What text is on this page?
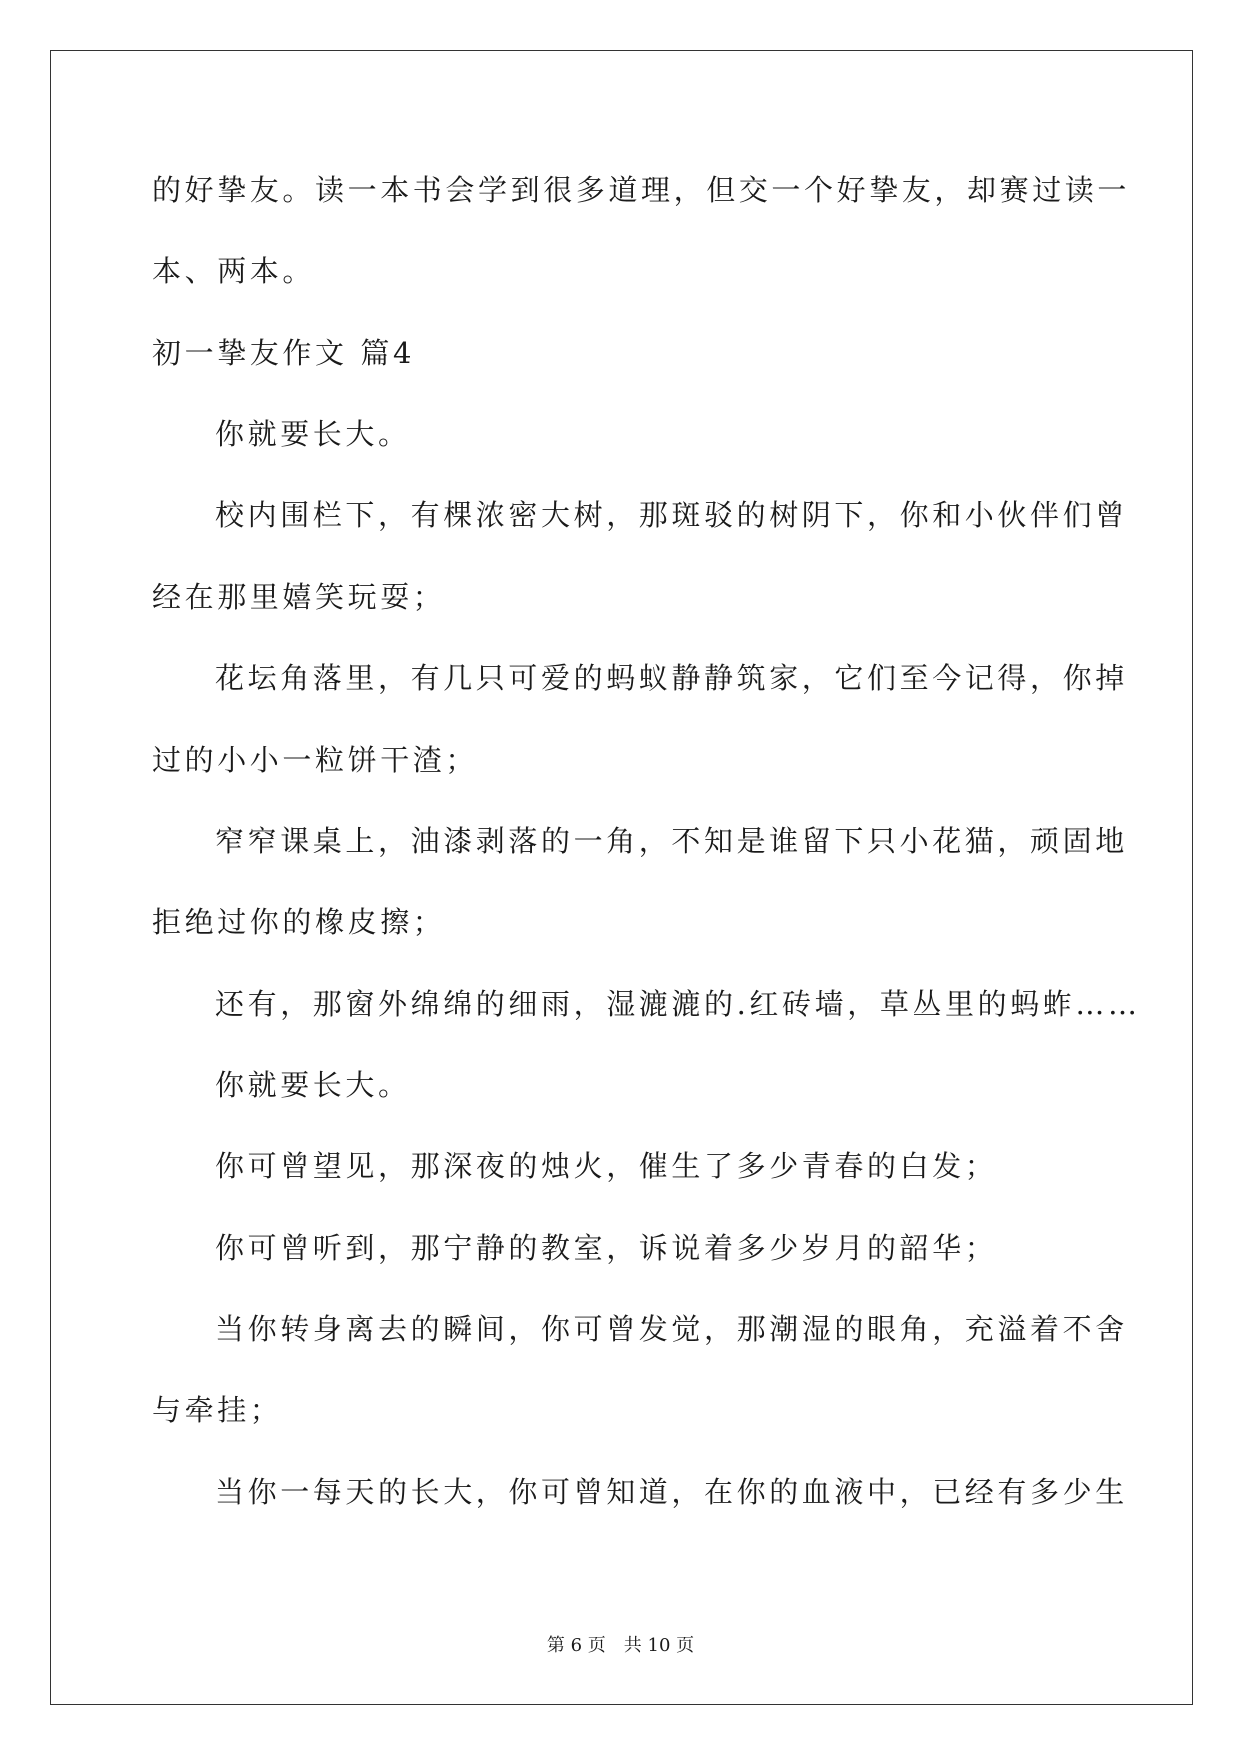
的好挚友。读一本书会学到很多道理，但交一个好挚友，却赛过读一
本、两本。
初一挚友作文 篇4
你就要长大。
校内围栏下，有棵浓密大树，那斑驳的树阴下，你和小伙伴们曾
经在那里嬉笑玩耍；
花坛角落里，有几只可爱的蚂蚁静静筑家，它们至今记得，你掉
过的小小一粒饼干渣；
窄窄课桌上，油漆剥落的一角，不知是谁留下只小花猫，顽固地
拒绝过你的橡皮擦；
还有，那窗外绵绵的细雨，湿漉漉的.红砖墙，草丛里的蚂蚱……
你就要长大。
你可曾望见，那深夜的烛火，催生了多少青春的白发；
你可曾听到，那宁静的教室，诉说着多少岁月的韶华；
当你转身离去的瞬间，你可曾发觉，那潮湿的眼角，充溢着不舍
与牵挂；
当你一每天的长大，你可曾知道，在你的血液中，已经有多少生
第 6 页　共 10 页
